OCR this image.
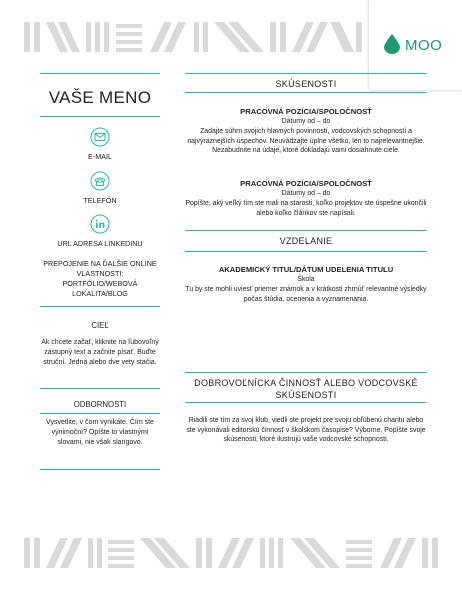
MOO
VAŠE MENO
E-MAIL
TELEFÓN
URL ADRESA LINKEDINU
PREPOJENIE NA ĎALŠIE ONLINE VLASTNOSTI: PORTFÓLIO/WEBOVÁ LOKALITA/BLOG
CIEĽ
Ak chcete začať, kliknite na ľubovoľný zástupný text a začnite písať. Buďte struční. Jedna alebo dve vety stačia.
ODBORNOSTI
Vysvetlite, v čom vynikáte. Čím ste výnimoční? Opíšte to vlastnými slovami, nie však slangovo.
SKÚSENOSTI
PRACOVNÁ POZÍCIA/SPOLOČNOSŤ
Dátumy od – do
Zadajte súhrn svojich hlavných povinností, vodcovských schopností a najvýraznejších úspechov. Neuvádzajte úplne všetko, len to najrelevantnejšie. Nezabudnite na údaje, ktoré dokladajú vami dosiahnuté ciele.
PRACOVNÁ POZÍCIA/SPOLOČNOSŤ
Dátumy od – do
Popíšte, aký veľký tím ste mali na starosti, koľko projektov ste úspešne ukončili alebo koľko článkov ste napísali.
VZDELANIE
AKADEMICKÝ TITUL/DÁTUM UDELENIA TITULU
Škola
Tu by ste mohli uviesť priemer známok a v krátkosti zhrnúť relevantné výsledky počas štúdia, ocenenia a vyznamenania.
DOBROVOĽNÍCKA ČINNOSŤ ALEBO VODCOVSKÉ SKÚSENOSTI
Riadili ste tím za svoj klub, viedli ste projekt pre svoju obľúbenú charitu alebo ste vykonávali editorskú činnosť v školskom časopise? Výborne. Popíšte svoje skúsenosti, ktoré ilustrujú vaše vodcovské schopnosti.
